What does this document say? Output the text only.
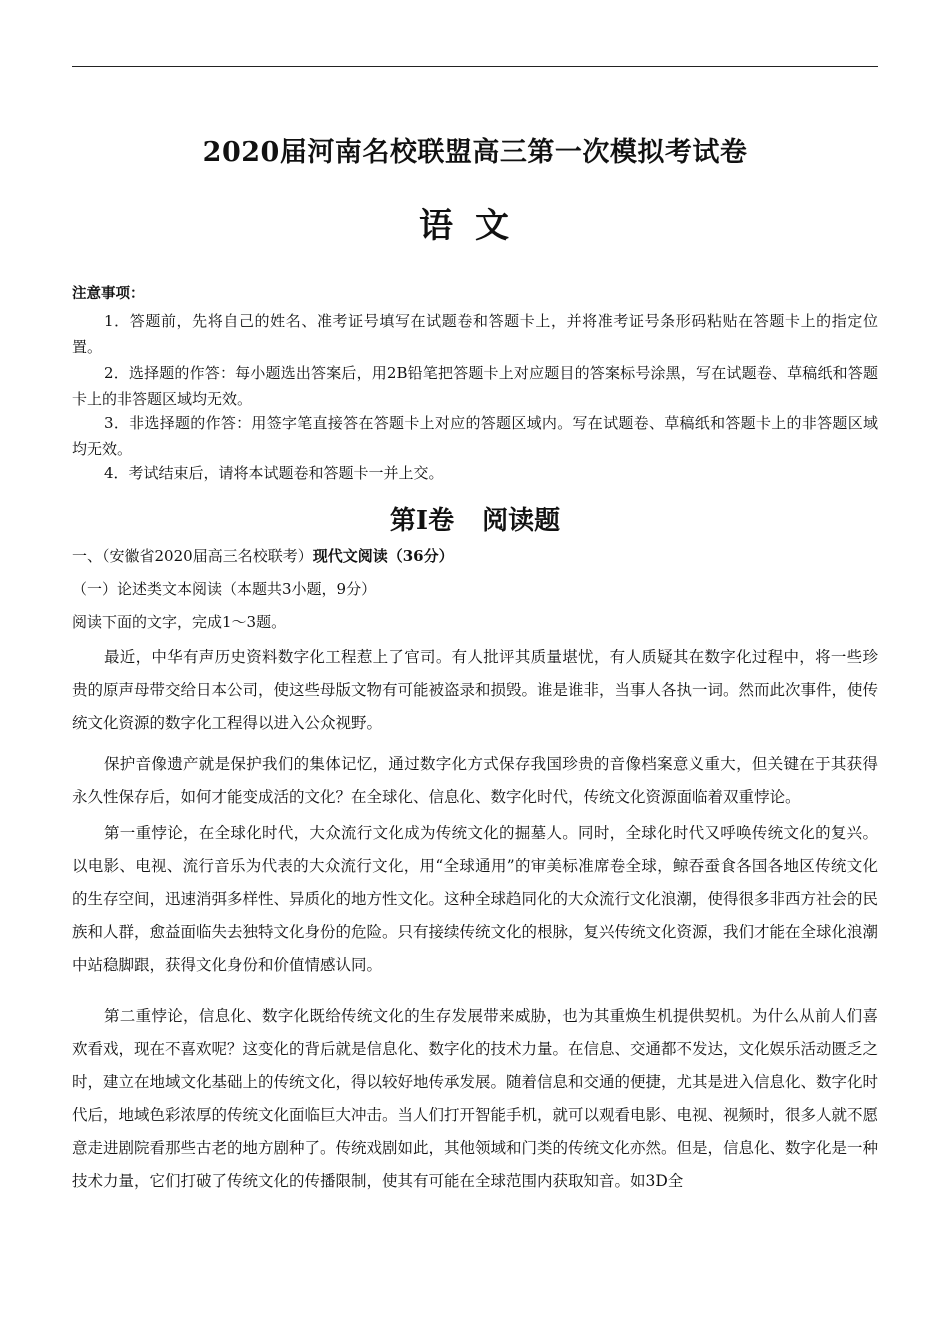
2020届河南名校联盟高三第一次模拟考试卷
语文
注意事项：
1．答题前，先将自己的姓名、准考证号填写在试题卷和答题卡上，并将准考证号条形码粘贴在答题卡上的指定位置。
2．选择题的作答：每小题选出答案后，用2B铅笔把答题卡上对应题目的答案标号涂黑，写在试题卷、草稿纸和答题卡上的非答题区域均无效。
3．非选择题的作答：用签字笔直接答在答题卡上对应的答题区域内。写在试题卷、草稿纸和答题卡上的非答题区域均无效。
4．考试结束后，请将本试题卷和答题卡一并上交。
第Ⅰ卷 阅读题
一、（安徽省2020届高三名校联考）现代文阅读（36分）
（一）论述类文本阅读（本题共3小题，9分）
阅读下面的文字，完成1～3题。
最近，中华有声历史资料数字化工程惹上了官司。有人批评其质量堪忧，有人质疑其在数字化过程中，将一些珍贵的原声母带交给日本公司，使这些母版文物有可能被盗录和损毁。谁是谁非，当事人各执一词。然而此次事件，使传统文化资源的数字化工程得以进入公众视野。
保护音像遗产就是保护我们的集体记忆，通过数字化方式保存我国珍贵的音像档案意义重大，但关键在于其获得永久性保存后，如何才能变成活的文化？在全球化、信息化、数字化时代，传统文化资源面临着双重悖论。
第一重悖论，在全球化时代，大众流行文化成为传统文化的掘墓人。同时，全球化时代又呼唤传统文化的复兴。以电影、电视、流行音乐为代表的大众流行文化，用“全球通用”的审美标准席卷全球，鲸吞蚕食各国各地区传统文化的生存空间，迅速消弭多样性、异质化的地方性文化。这种全球趋同化的大众流行文化浪潮，使得很多非西方社会的民族和人群，愈益面临失去独特文化身份的危险。只有接续传统文化的根脉，复兴传统文化资源，我们才能在全球化浪潮中站稳脚跟，获得文化身份和价值情感认同。
第二重悖论，信息化、数字化既给传统文化的生存发展带来威胁，也为其重焕生机提供契机。为什么从前人们喜欢看戏，现在不喜欢呢？这变化的背后就是信息化、数字化的技术力量。在信息、交通都不发达，文化娱乐活动匮乏之时，建立在地域文化基础上的传统文化，得以较好地传承发展。随着信息和交通的便捷，尤其是进入信息化、数字化时代后，地域色彩浓厚的传统文化面临巨大冲击。当人们打开智能手机，就可以观看电影、电视、视频时，很多人就不愿意走进剧院看那些古老的地方剧种了。传统戏剧如此，其他领域和门类的传统文化亦然。但是，信息化、数字化是一种技术力量，它们打破了传统文化的传播限制，使其有可能在全球范围内获取知音。如3D全
